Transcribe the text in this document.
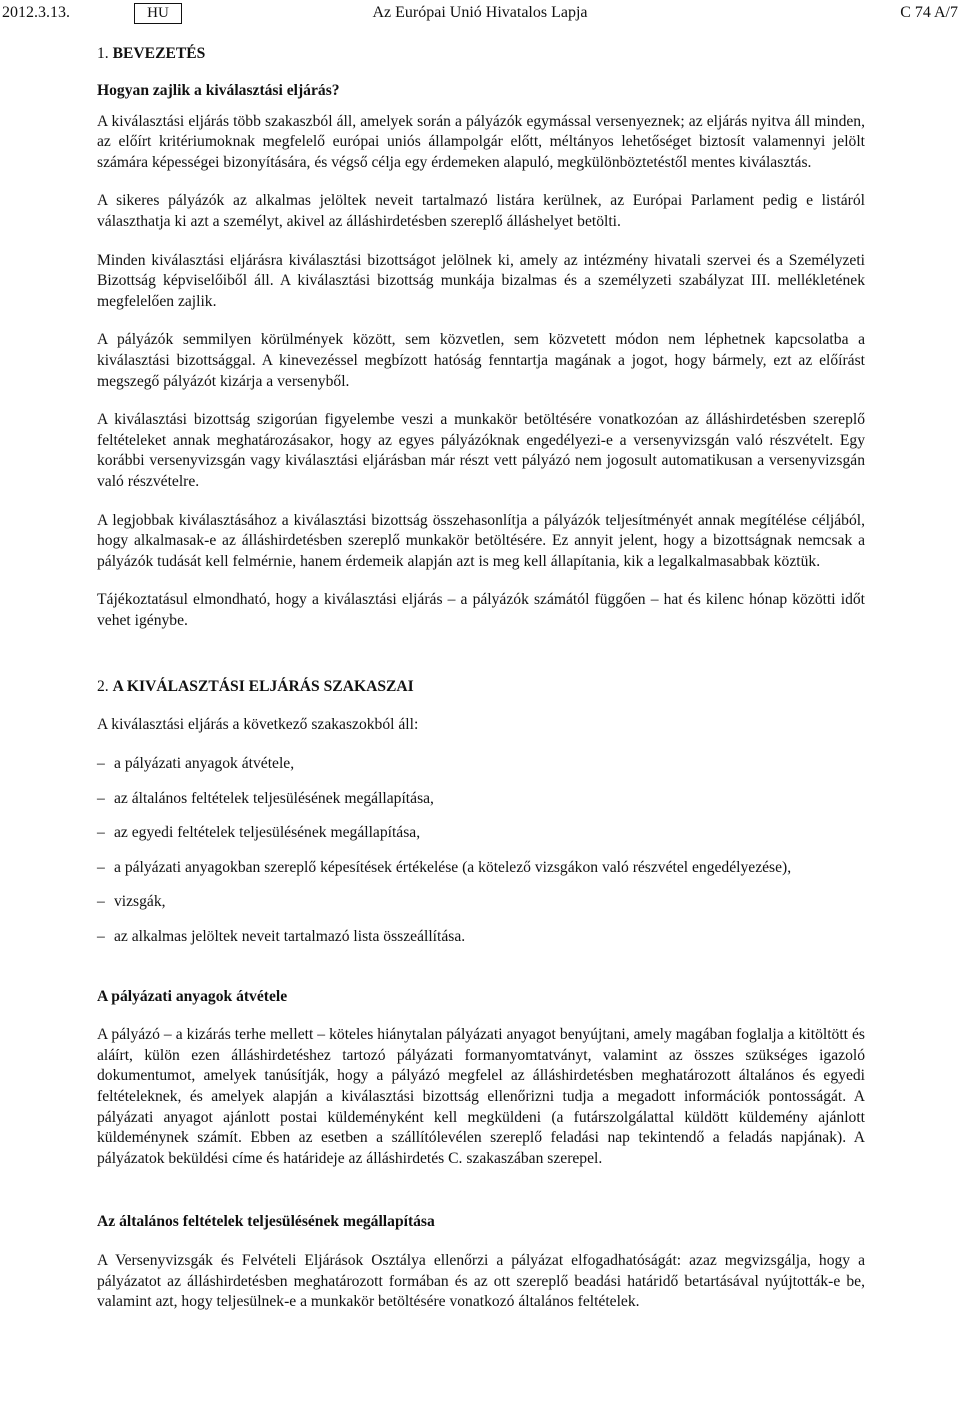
2012.3.13.	HU	Az Európai Unió Hivatalos Lapja	C 74 A/7
1. BEVEZETÉS

Hogyan zajlik a kiválasztási eljárás?

A kiválasztási eljárás több szakaszból áll, amelyek során a pályázók egymással versenyeznek; az eljárás nyitva áll minden, az előírt kritériumoknak megfelelő európai uniós állampolgár előtt, méltányos lehetőséget biztosít valamennyi jelölt számára képességei bizonyítására, és végső célja egy érdemeken alapuló, megkülönböztetéstől mentes kiválasztás.

A sikeres pályázók az alkalmas jelöltek neveit tartalmazó listára kerülnek, az Európai Parlament pedig e listáról választhatja ki azt a személyt, akivel az álláshirdetésben szereplő álláshelyet betölti.

Minden kiválasztási eljárásra kiválasztási bizottságot jelölnek ki, amely az intézmény hivatali szervei és a Személyzeti Bizottság képviselőiből áll. A kiválasztási bizottság munkája bizalmas és a személyzeti szabályzat III. mellékletének megfelelően zajlik.

A pályázók semmilyen körülmények között, sem közvetlen, sem közvetett módon nem léphetnek kapcsolatba a kiválasztási bizottsággal. A kinevezéssel megbízott hatóság fenntartja magának a jogot, hogy bármely, ezt az előírást megszegő pályázót kizárja a versenyből.

A kiválasztási bizottság szigorúan figyelembe veszi a munkakör betöltésére vonatkozóan az álláshirdetésben szereplő feltételeket annak meghatározásakor, hogy az egyes pályázóknak engedélyezi-e a versenyvizsgán való részvételt. Egy korábbi versenyvizsgán vagy kiválasztási eljárásban már részt vett pályázó nem jogosult automatikusan a versenyvizsgán való részvételre.

A legjobbak kiválasztásához a kiválasztási bizottság összehasonlítja a pályázók teljesítményét annak megítélése céljából, hogy alkalmasak-e az álláshirdetésben szereplő munkakör betöltésére. Ez annyit jelent, hogy a bizottságnak nemcsak a pályázók tudását kell felmérnie, hanem érdemeik alapján azt is meg kell állapítania, kik a legalkalmasabbak köztük.

Tájékoztatásul elmondható, hogy a kiválasztási eljárás – a pályázók számától függően – hat és kilenc hónap közötti időt vehet igénybe.

2. A KIVÁLASZTÁSI ELJÁRÁS SZAKASZAI

A kiválasztási eljárás a következő szakaszokból áll:

– a pályázati anyagok átvétele,
– az általános feltételek teljesülésének megállapítása,
– az egyedi feltételek teljesülésének megállapítása,
– a pályázati anyagokban szereplő képesítések értékelése (a kötelező vizsgákon való részvétel engedélyezése),
– vizsgák,
– az alkalmas jelöltek neveit tartalmazó lista összeállítása.

A pályázati anyagok átvétele

A pályázó – a kizárás terhe mellett – köteles hiánytalan pályázati anyagot benyújtani, amely magában foglalja a kitöltött és aláírt, külön ezen álláshirdetéshez tartozó pályázati formanyomtatványt, valamint az összes szükséges igazoló dokumentumot, amelyek tanúsítják, hogy a pályázó megfelel az álláshirdetésben meghatározott általános és egyedi feltételeknek, és amelyek alapján a kiválasztási bizottság ellenőrizni tudja a megadott információk pontosságát. A pályázati anyagot ajánlott postai küldeményként kell megküldeni (a futárszolgálattal küldött küldemény ajánlott küldeménynek számít. Ebben az esetben a szállítólevélen szereplő feladási nap tekintendő a feladás napjának). A pályázatok beküldési címe és határideje az álláshirdetés C. szakaszában szerepel.

Az általános feltételek teljesülésének megállapítása

A Versenyvizsgák és Felvételi Eljárások Osztálya ellenőrzi a pályázat elfogadhatóságát: azaz megvizsgálja, hogy a pályázatot az álláshirdetésben meghatározott formában és az ott szereplő beadási határidő betartásával nyújtották-e be, valamint azt, hogy teljesülnek-e a munkakör betöltésére vonatkozó általános feltételek.
